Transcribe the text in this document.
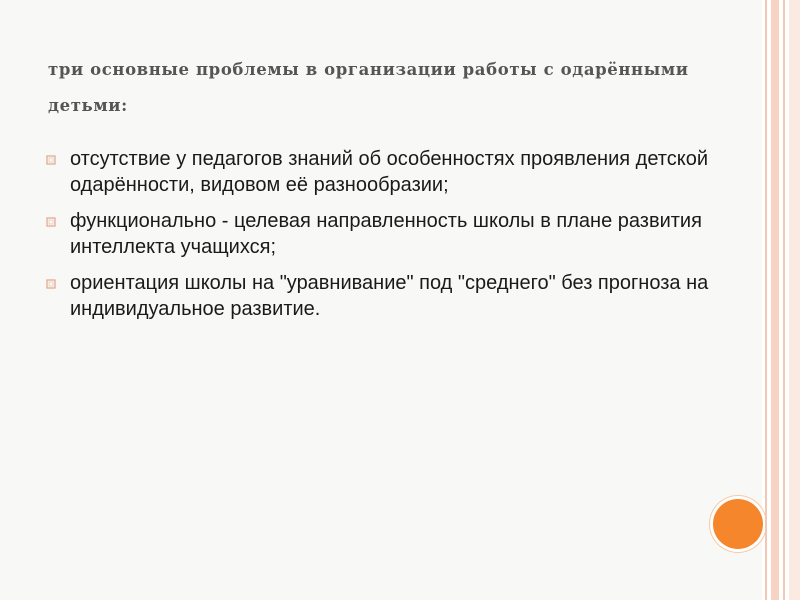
три основные проблемы в организации работы с одарёнными детьми:
отсутствие у педагогов знаний об особенностях проявления детской одарённости, видовом её разнообразии;
функционально - целевая направленность школы в плане развития интеллекта учащихся;
ориентация школы на "уравнивание" под "среднего" без прогноза на индивидуальное развитие.
